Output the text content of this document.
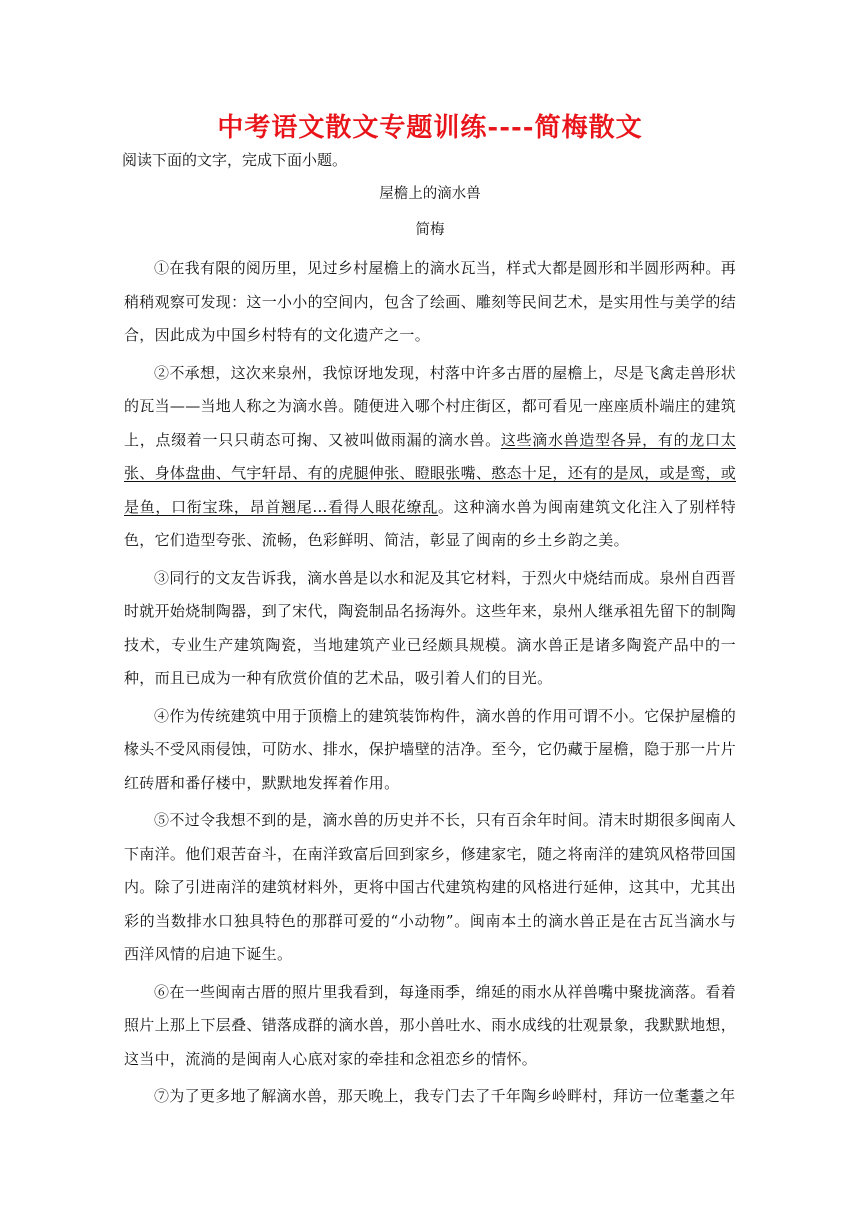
中考语文散文专题训练----简梅散文

阅读下面的文字，完成下面小题。

屋檐上的滴水兽

简梅

①在我有限的阅历里，见过乡村屋檐上的滴水瓦当，样式大都是圆形和半圆形两种。再稍稍观察可发现：这一小小的空间内，包含了绘画、雕刻等民间艺术，是实用性与美学的结合，因此成为中国乡村特有的文化遗产之一。

②不承想，这次来泉州，我惊讶地发现，村落中许多古厝的屋檐上，尽是飞禽走兽形状的瓦当——当地人称之为滴水兽。随便进入哪个村庄街区，都可看见一座座质朴端庄的建筑上，点缀着一只只萌态可掬、又被叫做雨漏的滴水兽。这些滴水兽造型各异，有的龙口太张、身体盘曲、气宇轩昂、有的虎腿伸张、瞪眼张嘴、憨态十足，还有的是凤，或是鸾，或是鱼，口衔宝珠，昂首翘尾…看得人眼花缭乱。这种滴水兽为闽南建筑文化注入了别样特色，它们造型夸张、流畅，色彩鲜明、简洁，彰显了闽南的乡土乡韵之美。

③同行的文友告诉我，滴水兽是以水和泥及其它材料，于烈火中烧结而成。泉州自西晋时就开始烧制陶器，到了宋代，陶瓷制品名扬海外。这些年来，泉州人继承祖先留下的制陶技术，专业生产建筑陶瓷，当地建筑产业已经颇具规模。滴水兽正是诸多陶瓷产品中的一种，而且已成为一种有欣赏价值的艺术品，吸引着人们的目光。

④作为传统建筑中用于顶檐上的建筑装饰构件，滴水兽的作用可谓不小。它保护屋檐的椽头不受风雨侵蚀，可防水、排水，保护墙壁的洁净。至今，它仍藏于屋檐，隐于那一片片红砖厝和番仔楼中，默默地发挥着作用。

⑤不过令我想不到的是，滴水兽的历史并不长，只有百余年时间。清末时期很多闽南人下南洋。他们艰苦奋斗，在南洋致富后回到家乡，修建家宅，随之将南洋的建筑风格带回国内。除了引进南洋的建筑材料外，更将中国古代建筑构建的风格进行延伸，这其中，尤其出彩的当数排水口独具特色的那群可爱的“小动物”。闽南本土的滴水兽正是在古瓦当滴水与西洋风情的启迪下诞生。

⑥在一些闽南古厝的照片里我看到，每逢雨季，绵延的雨水从祥兽嘴中聚拢滴落。看着照片上那上下层叠、错落成群的滴水兽，那小兽吐水、雨水成线的壮观景象，我默默地想，这当中，流淌的是闽南人心底对家的牵挂和念祖恋乡的情怀。

⑦为了更多地了解滴水兽，那天晚上，我专门去了千年陶乡岭畔村，拜访一位耄耋之年
